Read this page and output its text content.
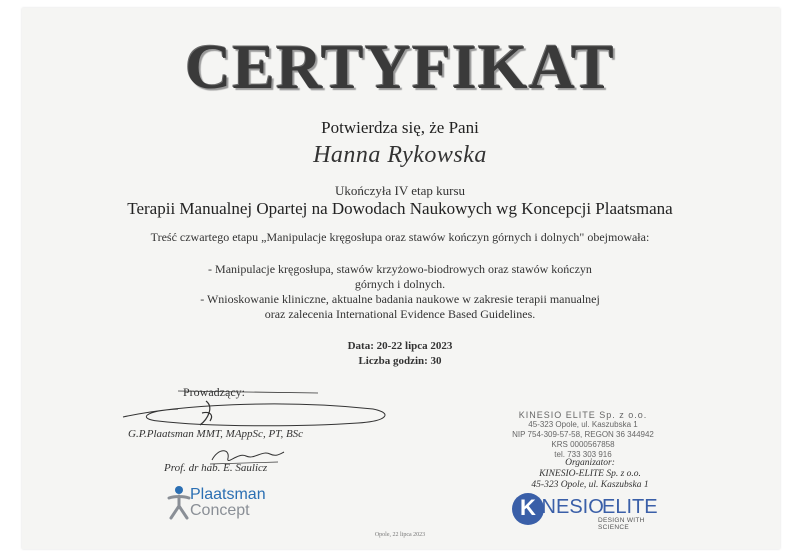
CERTYFIKAT
Potwierdza się, że Pani
Hanna Rykowska
Ukończyła IV etap kursu
Terapii Manualnej Opartej na Dowodach Naukowych wg Koncepcji Plaatsmana
Treść czwartego etapu „Manipulacje kręgosłupa oraz stawów kończyn górnych i dolnych" obejmowała:
- Manipulacje kręgosłupa, stawów krzyżowo-biodrowych oraz stawów kończyn
górnych i dolnych.
- Wnioskowanie kliniczne, aktualne badania naukowe w zakresie terapii manualnej
oraz zalecenia International Evidence Based Guidelines.
Data: 20-22 lipca 2023
Liczba godzin: 30
Prowadzący:
G.P.Plaatsman MMT, MAppSc, PT, BSc
Prof. dr hab. E. Saulicz
Plaatsman
Concept
KINESIO ELITE Sp. z o.o.
45-323 Opole, ul. Kaszubska 1
NIP 754-309-57-58, REGON 36 344942
KRS 0000567858
tel. 733 303 916
Organizator:
KINESIO-ELITE Sp. z o.o.
45-323 Opole, ul. Kaszubska 1
K INESIO
ELITE
DESIGN WITH SCIENCE
Opole, 22 lipca 2023
